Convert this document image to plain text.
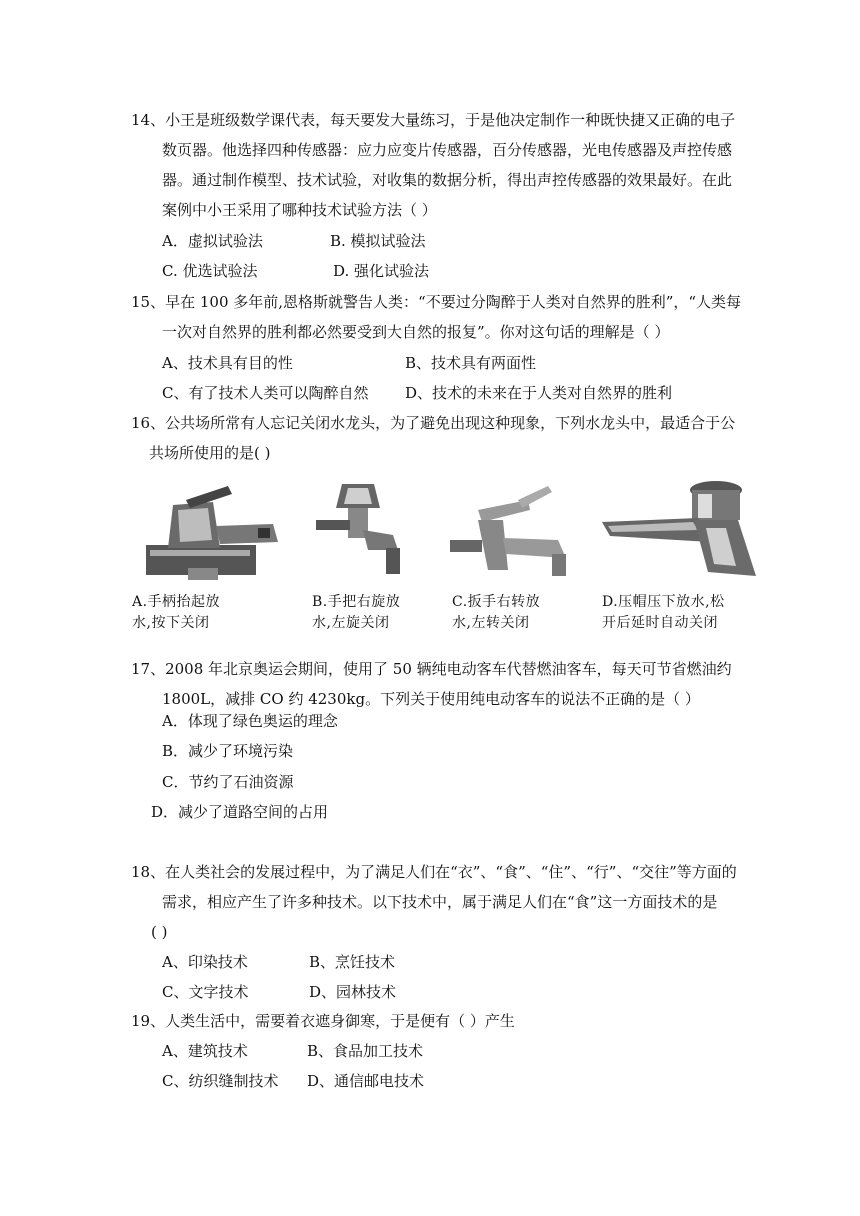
14、小王是班级数学课代表，每天要发大量练习，于是他决定制作一种既快捷又正确的电子
数页器。他选择四种传感器：应力应变片传感器，百分传感器，光电传感器及声控传感
器。通过制作模型、技术试验，对收集的数据分析，得出声控传感器的效果最好。在此
案例中小王采用了哪种技术试验方法（ ）
A．虚拟试验法	B. 模拟试验法
C. 优选试验法	D. 强化试验法
15、早在 100 多年前,恩格斯就警告人类：“不要过分陶醉于人类对自然界的胜利”，“人类每
一次对自然界的胜利都必然要受到大自然的报复”。你对这句话的理解是（ ）
A、技术具有目的性	B、技术具有两面性
C、有了技术人类可以陶醉自然 D、技术的未来在于人类对自然界的胜利
16、公共场所常有人忘记关闭水龙头，为了避免出现这种现象，下列水龙头中，最适合于公
共场所使用的是( )
A.手柄抬起放
水,按下关闭
B.手把右旋放
水,左旋关闭
C.扳手右转放
水,左转关闭
D.压帽压下放水,松
开后延时自动关闭
17、2008 年北京奥运会期间，使用了 50 辆纯电动客车代替燃油客车，每天可节省燃油约
1800L，减排 CO 约 4230kg。下列关于使用纯电动客车的说法不正确的是（ ）
A．体现了绿色奥运的理念
B．减少了环境污染
C．节约了石油资源
D．减少了道路空间的占用
18、在人类社会的发展过程中，为了满足人们在“衣”、“食”、“住”、“行”、“交往”等方面的
需求，相应产生了许多种技术。以下技术中，属于满足人们在“食”这一方面技术的是
( )
A、印染技术	B、烹饪技术
C、文字技术	D、园林技术
19、人类生活中，需要着衣遮身御寒，于是便有（ ）产生
A、建筑技术	B、食品加工技术
C、纺织缝制技术 D、通信邮电技术
